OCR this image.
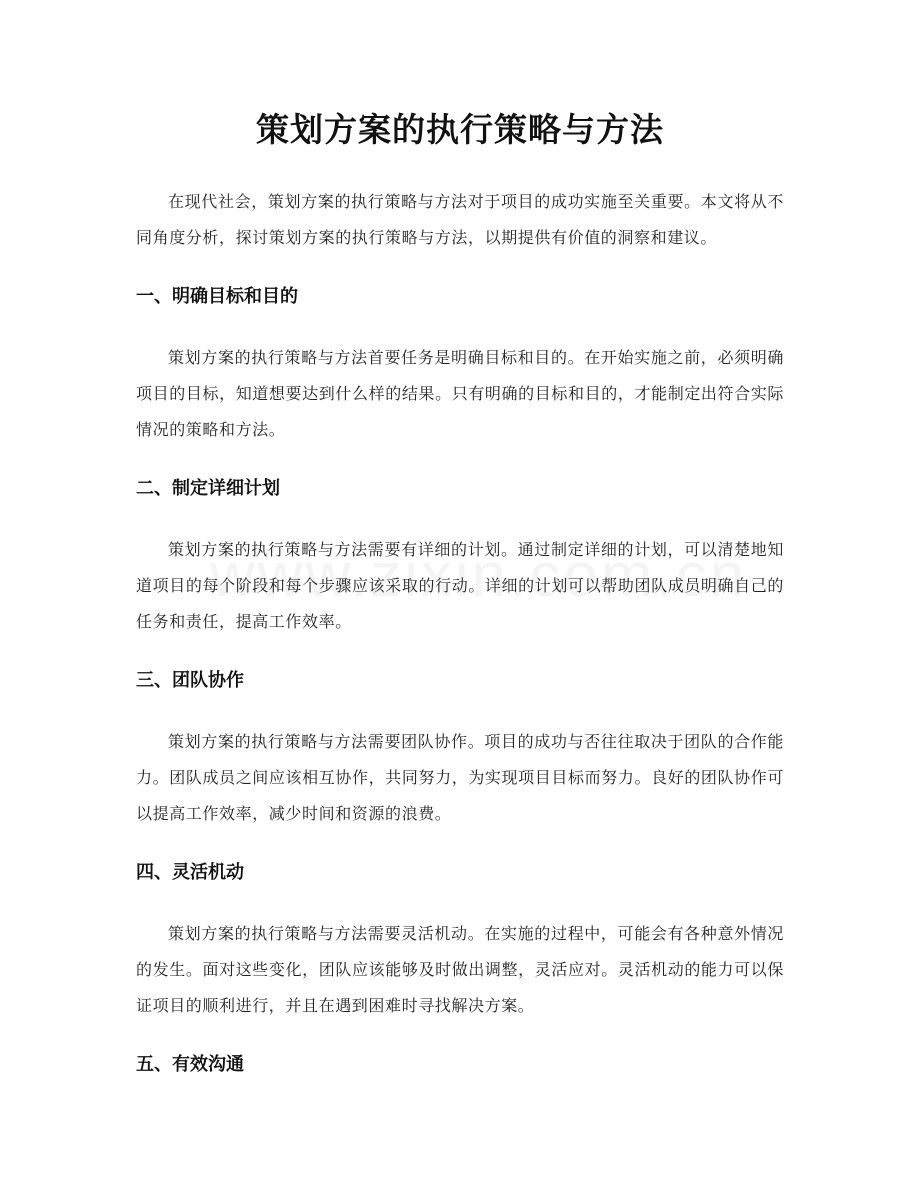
策划方案的执行策略与方法

在现代社会，策划方案的执行策略与方法对于项目的成功实施至关重要。本文将从不同角度分析，探讨策划方案的执行策略与方法，以期提供有价值的洞察和建议。

一、明确目标和目的

策划方案的执行策略与方法首要任务是明确目标和目的。在开始实施之前，必须明确项目的目标，知道想要达到什么样的结果。只有明确的目标和目的，才能制定出符合实际情况的策略和方法。

二、制定详细计划

策划方案的执行策略与方法需要有详细的计划。通过制定详细的计划，可以清楚地知道项目的每个阶段和每个步骤应该采取的行动。详细的计划可以帮助团队成员明确自己的任务和责任，提高工作效率。

三、团队协作

策划方案的执行策略与方法需要团队协作。项目的成功与否往往取决于团队的合作能力。团队成员之间应该相互协作，共同努力，为实现项目目标而努力。良好的团队协作可以提高工作效率，减少时间和资源的浪费。

四、灵活机动

策划方案的执行策略与方法需要灵活机动。在实施的过程中，可能会有各种意外情况的发生。面对这些变化，团队应该能够及时做出调整，灵活应对。灵活机动的能力可以保证项目的顺利进行，并且在遇到困难时寻找解决方案。

五、有效沟通
